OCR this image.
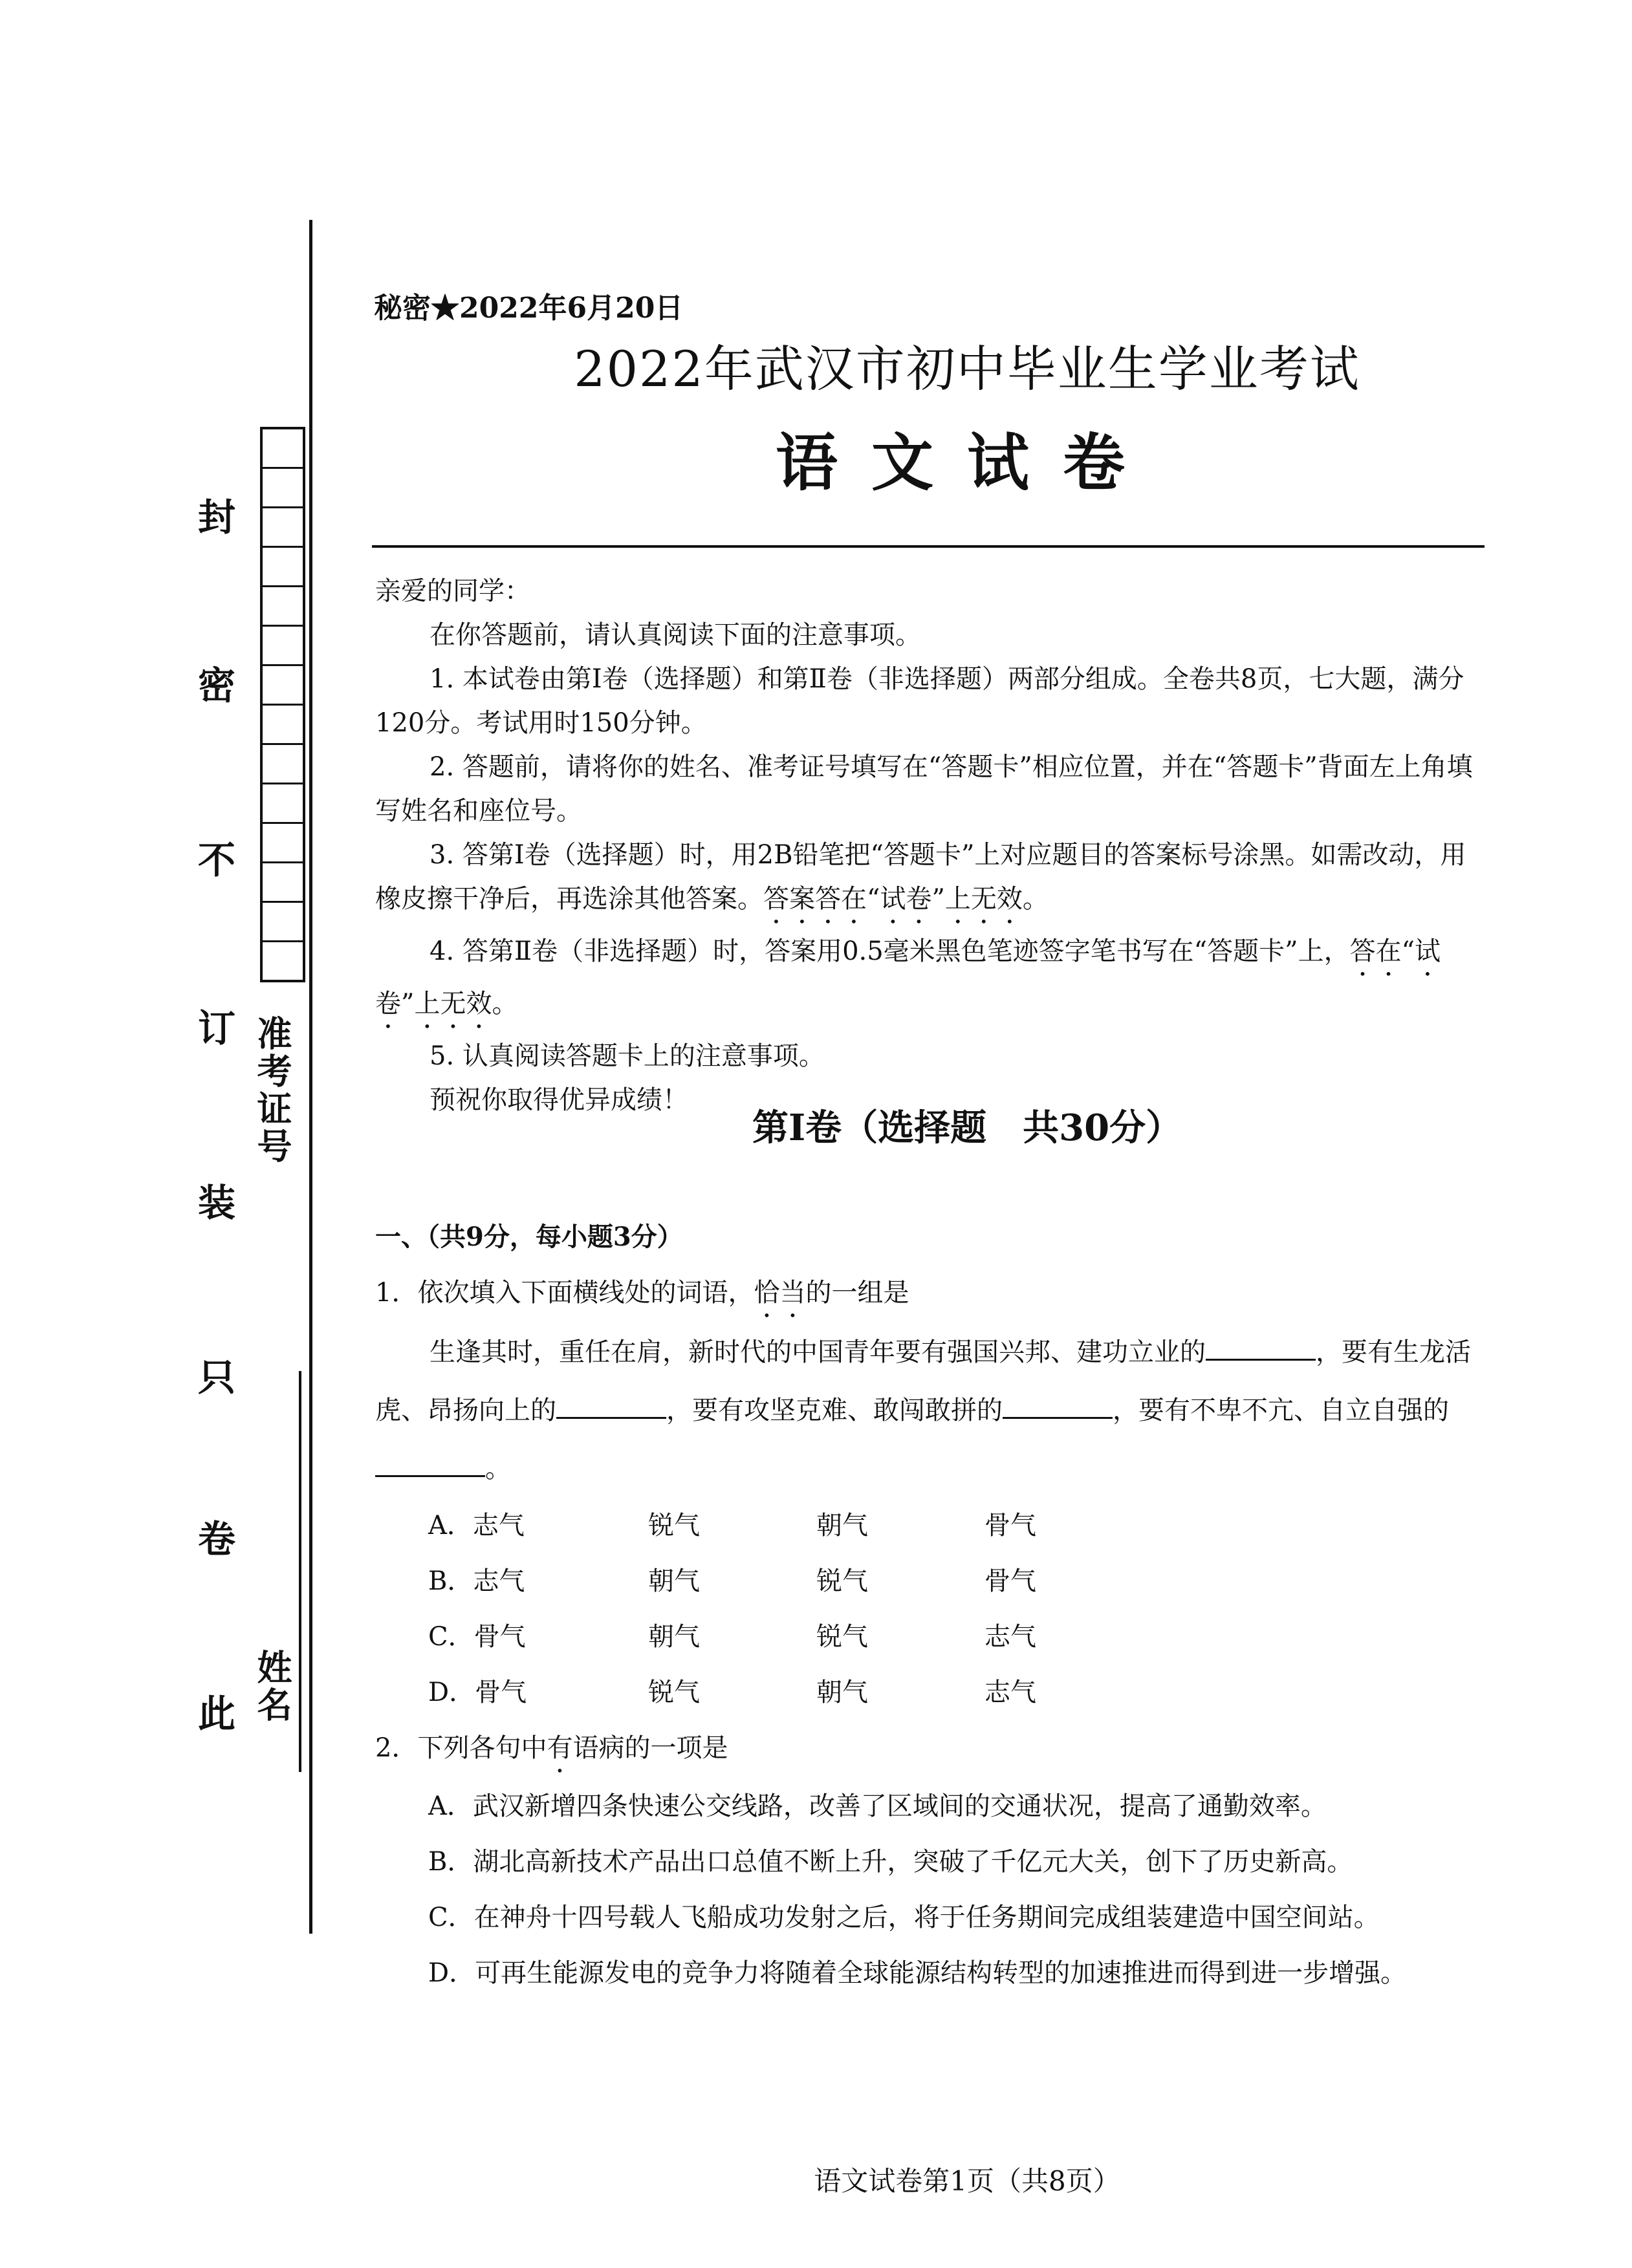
封
密
不
订
装
只
卷
此
准考证号
姓名
秘密★2022年6月20日
2022年武汉市初中毕业生学业考试
语文试卷

亲爱的同学：

在你答题前，请认真阅读下面的注意事项。

1. 本试卷由第Ⅰ卷（选择题）和第Ⅱ卷（非选择题）两部分组成。全卷共8页，七大题，满分120分。考试用时150分钟。

2. 答题前，请将你的姓名、准考证号填写在“答题卡”相应位置，并在“答题卡”背面左上角填写姓名和座位号。

3. 答第Ⅰ卷（选择题）时，用2B铅笔把“答题卡”上对应题目的答案标号涂黑。如需改动，用橡皮擦干净后，再选涂其他答案。答案答在“试卷”上无效。

4. 答第Ⅱ卷（非选择题）时，答案用0.5毫米黑色笔迹签字笔书写在“答题卡”上，答在“试卷”上无效。

5. 认真阅读答题卡上的注意事项。

预祝你取得优异成绩！

第Ⅰ卷（选择题　共30分）

一、（共9分，每小题3分）

1．依次填入下面横线处的词语，恰当的一组是

生逢其时，重任在肩，新时代的中国青年要有强国兴邦、建功立业的	，要有生龙活虎、昂扬向上的	，要有攻坚克难、敢闯敢拼的	，要有不卑不亢、自立自强的。

A．志气	锐气	朝气	骨气
B．志气	朝气	锐气	骨气
C．骨气	朝气	锐气	志气
D．骨气	锐气	朝气	志气

2．下列各句中有语病的一项是

A．武汉新增四条快速公交线路，改善了区域间的交通状况，提高了通勤效率。

B．湖北高新技术产品出口总值不断上升，突破了千亿元大关，创下了历史新高。

C．在神舟十四号载人飞船成功发射之后，将于任务期间完成组装建造中国空间站。

D．可再生能源发电的竞争力将随着全球能源结构转型的加速推进而得到进一步增强。

语文试卷第1页（共8页）
